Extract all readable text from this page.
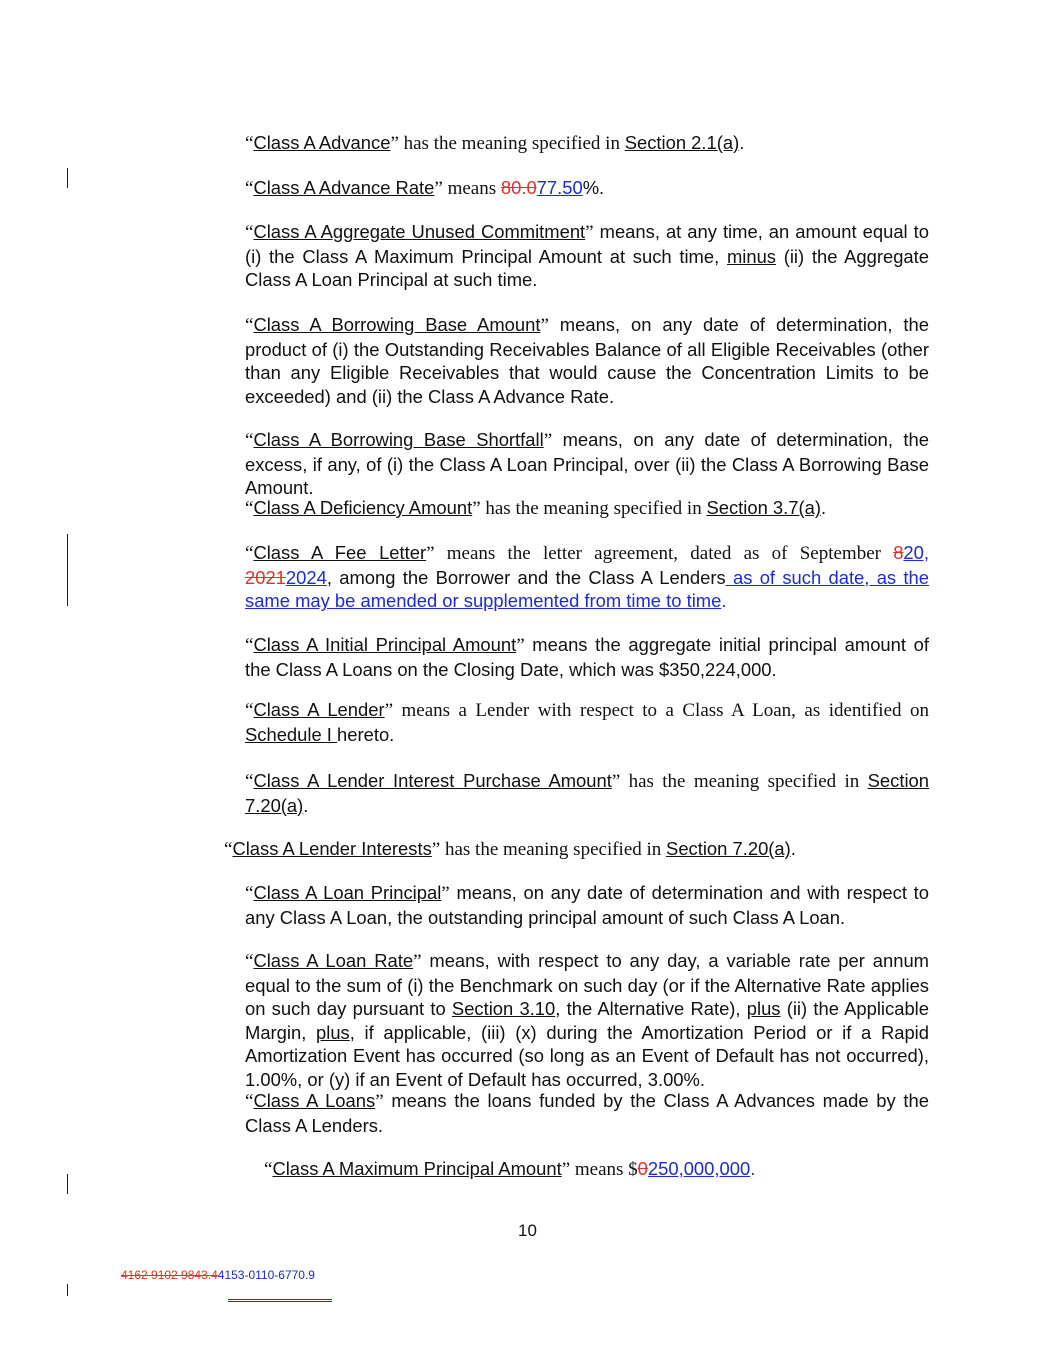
“Class A Advance” has the meaning specified in Section 2.1(a).
“Class A Advance Rate” means 80.077.50%.
“Class A Aggregate Unused Commitment” means, at any time, an amount equal to (i) the Class A Maximum Principal Amount at such time, minus (ii) the Aggregate Class A Loan Principal at such time.
“Class A Borrowing Base Amount” means, on any date of determination, the product of (i) the Outstanding Receivables Balance of all Eligible Receivables (other than any Eligible Receivables that would cause the Concentration Limits to be exceeded) and (ii) the Class A Advance Rate.
“Class A Borrowing Base Shortfall” means, on any date of determination, the excess, if any, of (i) the Class A Loan Principal, over (ii) the Class A Borrowing Base Amount.
“Class A Deficiency Amount” has the meaning specified in Section 3.7(a).
“Class A Fee Letter” means the letter agreement, dated as of September 820, 20212024, among the Borrower and the Class A Lenders as of such date, as the same may be amended or supplemented from time to time.
“Class A Initial Principal Amount” means the aggregate initial principal amount of the Class A Loans on the Closing Date, which was $350,224,000.
“Class A Lender” means a Lender with respect to a Class A Loan, as identified on Schedule I hereto.
“Class A Lender Interest Purchase Amount” has the meaning specified in Section 7.20(a).
“Class A Lender Interests” has the meaning specified in Section 7.20(a).
“Class A Loan Principal” means, on any date of determination and with respect to any Class A Loan, the outstanding principal amount of such Class A Loan.
“Class A Loan Rate” means, with respect to any day, a variable rate per annum equal to the sum of (i) the Benchmark on such day (or if the Alternative Rate applies on such day pursuant to Section 3.10, the Alternative Rate), plus (ii) the Applicable Margin, plus, if applicable, (iii) (x) during the Amortization Period or if a Rapid Amortization Event has occurred (so long as an Event of Default has not occurred), 1.00%, or (y) if an Event of Default has occurred, 3.00%.
“Class A Loans” means the loans funded by the Class A Advances made by the Class A Lenders.
“Class A Maximum Principal Amount” means $0250,000,000.
10
4162 9102 9843.44153-0110-6770.9
